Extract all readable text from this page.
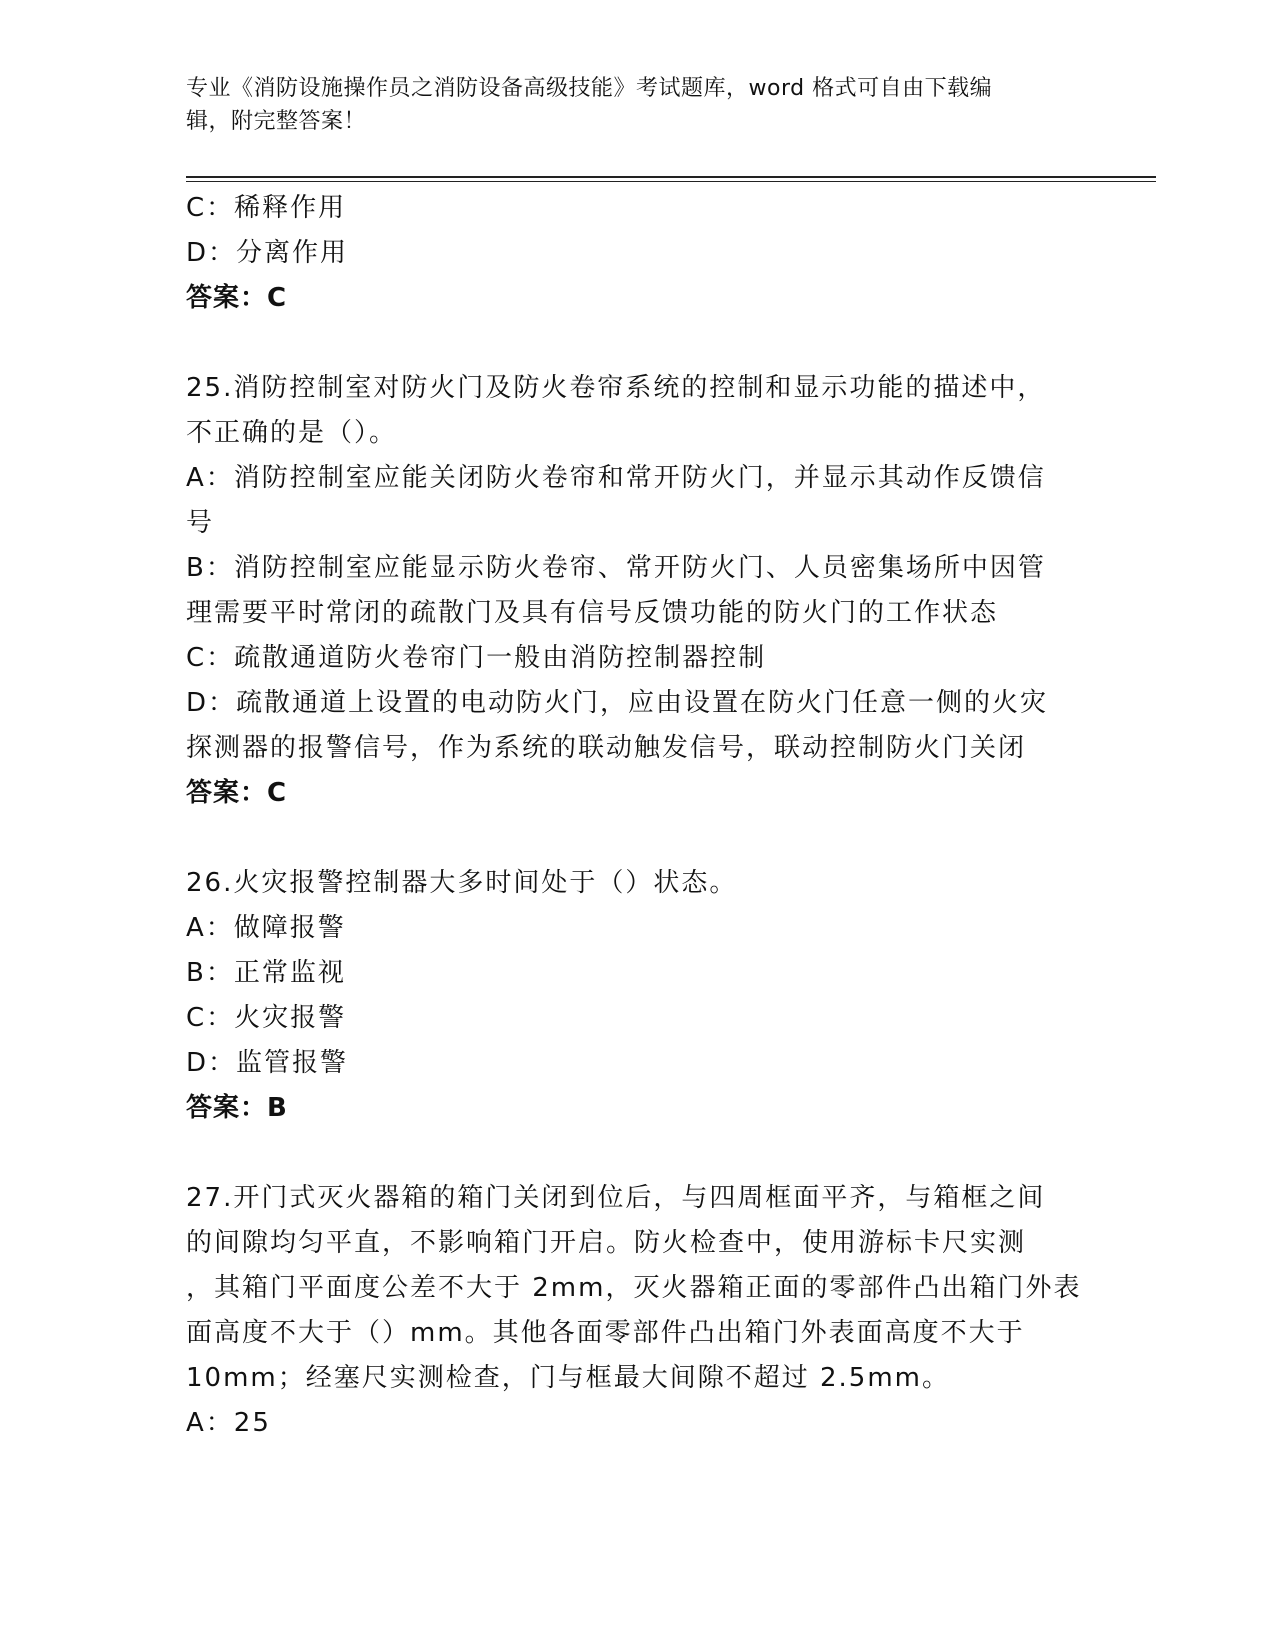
专业《消防设施操作员之消防设备高级技能》考试题库，word 格式可自由下载编
辑，附完整答案！
C：稀释作用
D：分离作用
答案：C
25.消防控制室对防火门及防火卷帘系统的控制和显示功能的描述中，
不正确的是（）。
A：消防控制室应能关闭防火卷帘和常开防火门，并显示其动作反馈信
号
B：消防控制室应能显示防火卷帘、常开防火门、人员密集场所中因管
理需要平时常闭的疏散门及具有信号反馈功能的防火门的工作状态
C：疏散通道防火卷帘门一般由消防控制器控制
D：疏散通道上设置的电动防火门，应由设置在防火门任意一侧的火灾
探测器的报警信号，作为系统的联动触发信号，联动控制防火门关闭
答案：C
26.火灾报警控制器大多时间处于（）状态。
A：做障报警
B：正常监视
C：火灾报警
D：监管报警
答案：B
27.开门式灭火器箱的箱门关闭到位后，与四周框面平齐，与箱框之间
的间隙均匀平直，不影响箱门开启。防火检查中，使用游标卡尺实测
，其箱门平面度公差不大于 2mm，灭火器箱正面的零部件凸出箱门外表
面高度不大于（）mm。其他各面零部件凸出箱门外表面高度不大于
10mm；经塞尺实测检查，门与框最大间隙不超过 2.5mm。
A：25
